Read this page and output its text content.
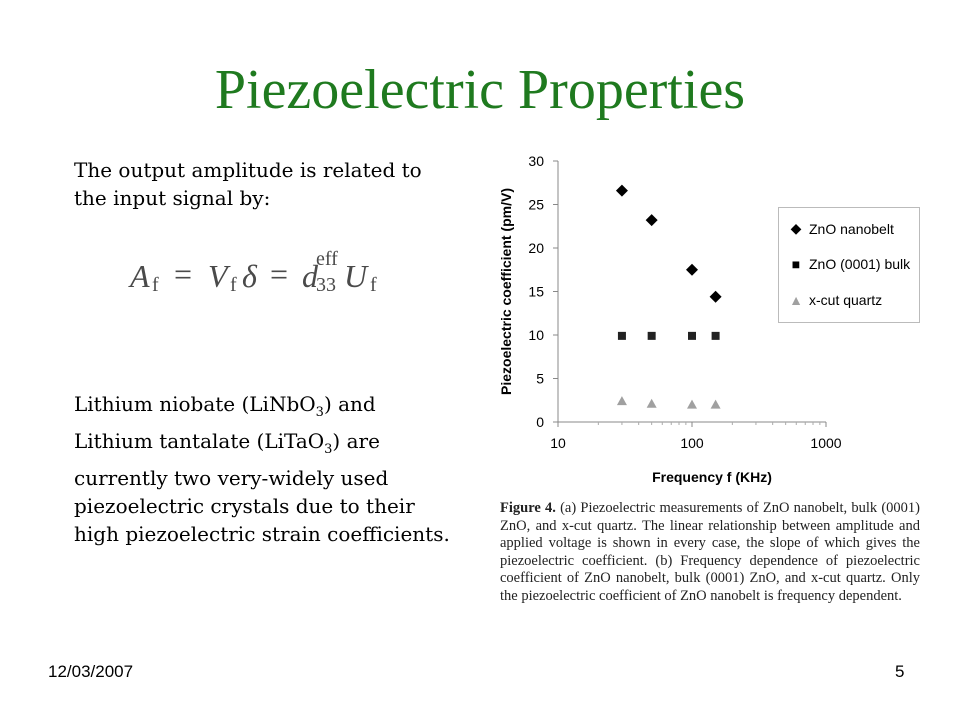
Piezoelectric Properties
The output amplitude is related to the input signal by:
A f = V f δ = d
eff
33 U f
Lithium niobate (LiNbO$_3$) and
Lithium tantalate (LiTaO$_3$) are
currently two very-widely used
piezoelectric crystals due to their
high piezoelectric strain coefficients.
0
5
10
15
20
25
30
10	100	1000
Frequency f (KHz)
Piezoelectric coefficient (pm/V)	◆ ZnO nanobelt
■ ZnO (0001) bulk
▲ x-cut quartz
Figure 4. (a) Piezoelectric measurements of ZnO nanobelt, bulk (0001) ZnO, and x-cut quartz. The linear relationship between amplitude and applied voltage is shown in every case, the slope of which gives the piezoelectric coefficient. (b) Frequency dependence of piezoelectric coefficient of ZnO nanobelt, bulk (0001) ZnO, and x-cut quartz. Only the piezoelectric coefficient of ZnO nanobelt is frequency dependent.
12/03/2007	5
